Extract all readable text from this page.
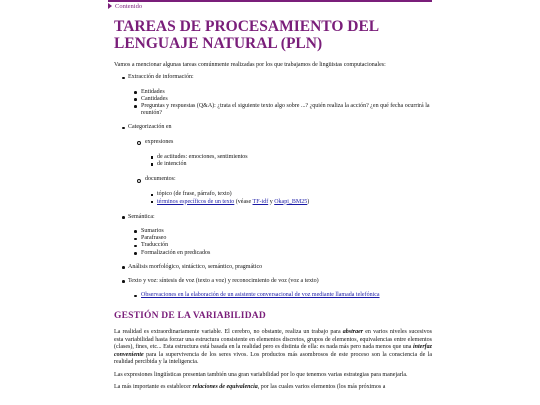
Contenido
TAREAS DE PROCESAMIENTO DEL LENGUAJE NATURAL (PLN)

Vamos a mencionar algunas tareas comúnmente realizadas por los que trabajamos de lingüistas computacionales:

Extracción de información:
Entidades
Cantidades
Preguntas y respuestas (Q&A): ¿trata el siguiente texto algo sobre ...? ¿quién realiza la acción? ¿en qué fecha ocurrirá la reunión?
Categorización en
expresiones
de actitudes: emociones, sentimientos
de intención
documentos:
tópico (de frase, párrafo, texto)
términos específicos de un texto (véase TF-idf y Okapi_BM25)
Semántica:
Sumarios
Parafraseo
Traducción
Formalización en predicados
Análisis morfológico, sintáctico, semántico, pragmático
Texto y voz: síntesis de voz (texto a voz) y reconocimiento de voz (voz a texto)
Observaciones en la elaboración de un asistente conversacional de voz mediante llamada telefónica
GESTIÓN DE LA VARIABILIDAD

La realidad es extraordinariamente variable. El cerebro, no obstante, realiza un trabajo para abstraer en varios niveles sucesivos esta variabilidad hasta forzar una estructura consistente en elementos discretos, grupos de elementos, equivalencias entre elementos (clases), fines, etc... Esta estructura está basada en la realidad pero es distinta de ella: es nada más pero nada menos que una interfaz conveniente para la supervivencia de los seres vivos. Los productos más asombrosos de este proceso son la consciencia de la realidad percibida y la inteligencia.

Las expresiones lingüísticas presentan también una gran variabilidad por lo que tenemos varias estrategias para manejarla.

La más importante es establecer relaciones de equivalencia, por las cuales varios elementos (los más próximos a
